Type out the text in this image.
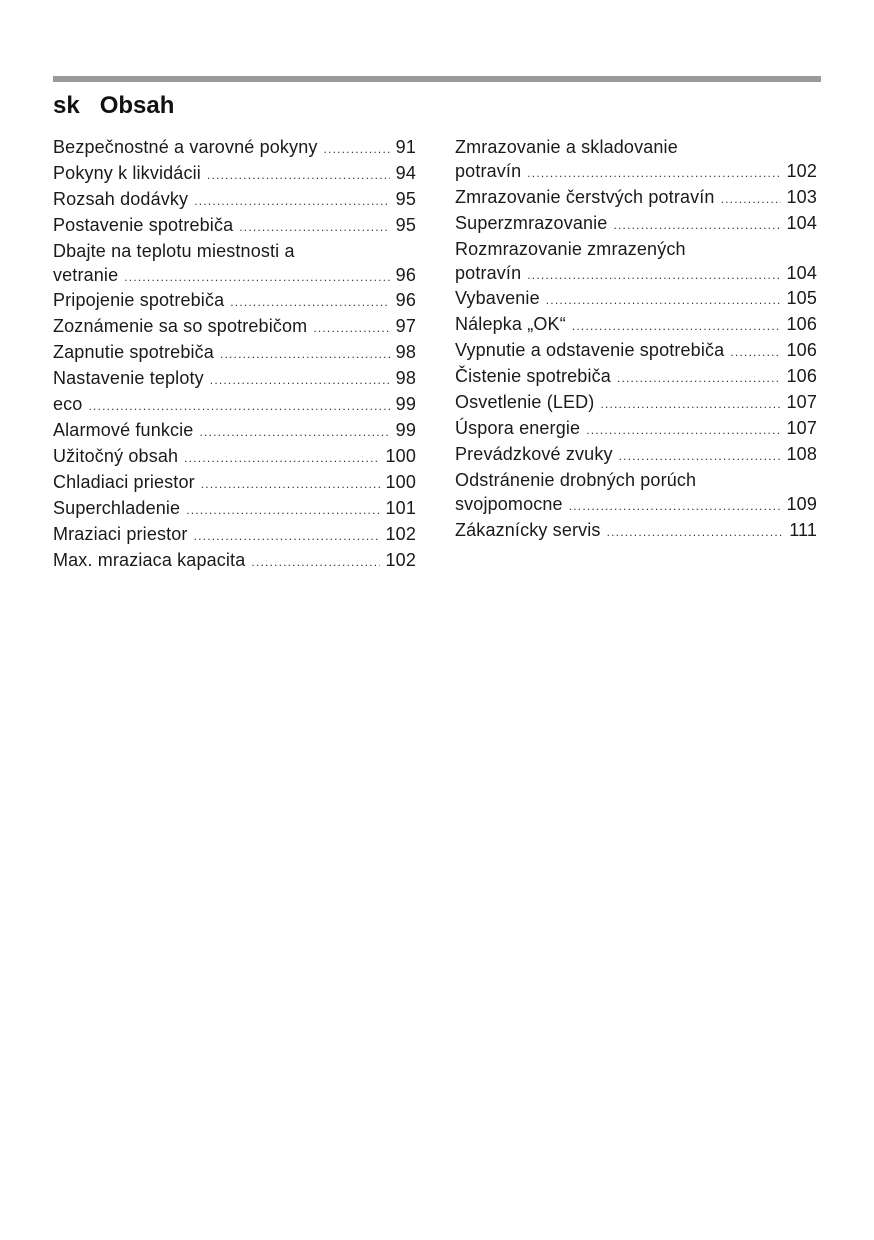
sk Obsah
Bezpečnostné a varovné pokyny .....	91
Pokyny k likvidácii .....	94
Rozsah dodávky .....	95
Postavenie spotrebiča .....	95
Dbajte na teplotu miestnosti a
vetranie .....	96
Pripojenie spotrebiča .....	96
Zoznámenie sa so spotrebičom .....	97
Zapnutie spotrebiča .....	98
Nastavenie teploty .....	98
eco .....	99
Alarmové funkcie .....	99
Užitočný obsah .....	100
Chladiaci priestor .....	100
Superchladenie .....	101
Mraziaci priestor .....	102
Max. mraziaca kapacita .....	102
Zmrazovanie a skladovanie
potravín .....	102
Zmrazovanie čerstvých potravín .....	103
Superzmrazovanie .....	104
Rozmrazovanie zmrazených
potravín .....	104
Vybavenie .....	105
Nálepka „OK“ .....	106
Vypnutie a odstavenie spotrebiča .....	106
Čistenie spotrebiča .....	106
Osvetlenie (LED) .....	107
Úspora energie .....	107
Prevádzkové zvuky .....	108
Odstránenie drobných porúch
svojpomocne .....	109
Zákaznícky servis .....	111
